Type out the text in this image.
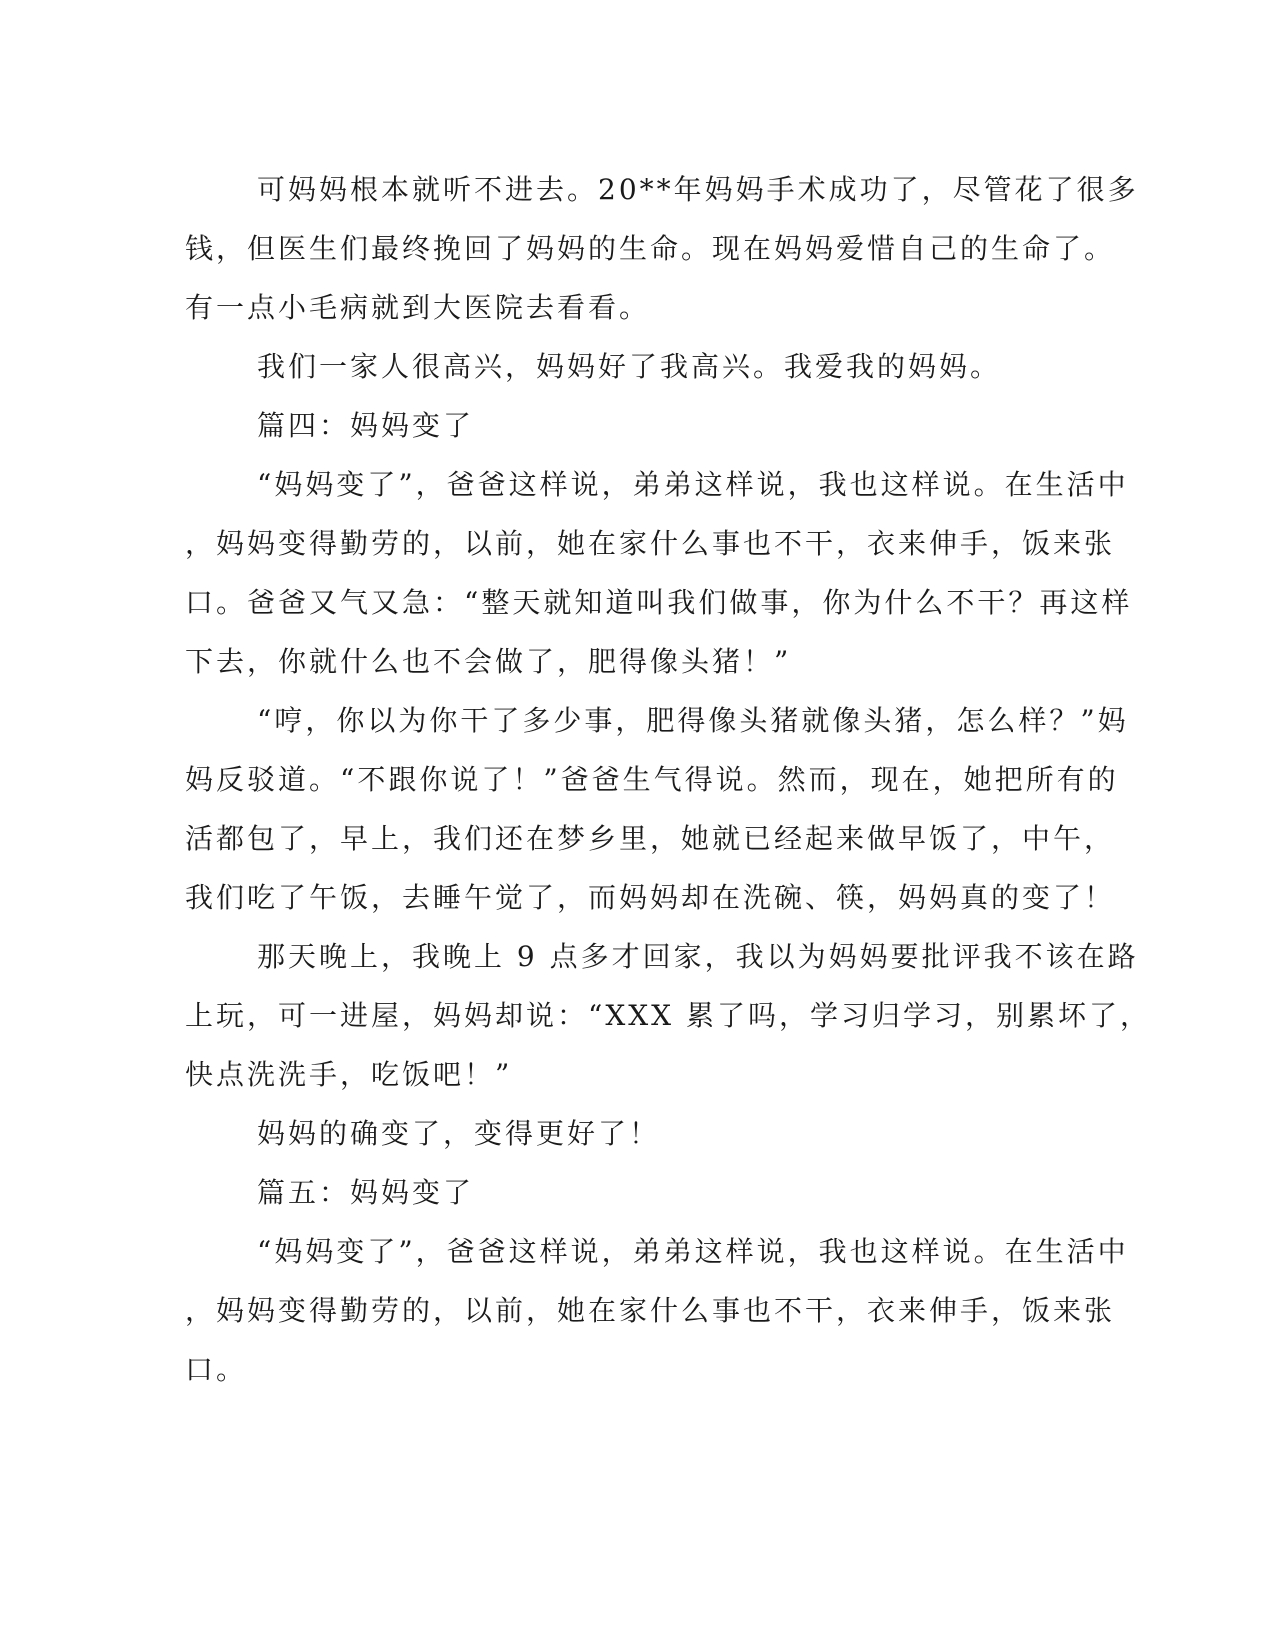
可妈妈根本就听不进去。20**年妈妈手术成功了，尽管花了很多
钱，但医生们最终挽回了妈妈的生命。现在妈妈爱惜自己的生命了。
有一点小毛病就到大医院去看看。
我们一家人很高兴，妈妈好了我高兴。我爱我的妈妈。
篇四：妈妈变了
“妈妈变了”，爸爸这样说，弟弟这样说，我也这样说。在生活中
，妈妈变得勤劳的，以前，她在家什么事也不干，衣来伸手，饭来张
口。爸爸又气又急：“整天就知道叫我们做事，你为什么不干？再这样
下去，你就什么也不会做了，肥得像头猪！”
“哼，你以为你干了多少事，肥得像头猪就像头猪，怎么样？”妈
妈反驳道。“不跟你说了！”爸爸生气得说。然而，现在，她把所有的
活都包了，早上，我们还在梦乡里，她就已经起来做早饭了，中午，
我们吃了午饭，去睡午觉了，而妈妈却在洗碗、筷，妈妈真的变了！
那天晚上，我晚上 9 点多才回家，我以为妈妈要批评我不该在路
上玩，可一进屋，妈妈却说：“XXX 累了吗，学习归学习，别累坏了，
快点洗洗手，吃饭吧！”
妈妈的确变了，变得更好了！
篇五：妈妈变了
“妈妈变了”，爸爸这样说，弟弟这样说，我也这样说。在生活中
，妈妈变得勤劳的，以前，她在家什么事也不干，衣来伸手，饭来张
口。
